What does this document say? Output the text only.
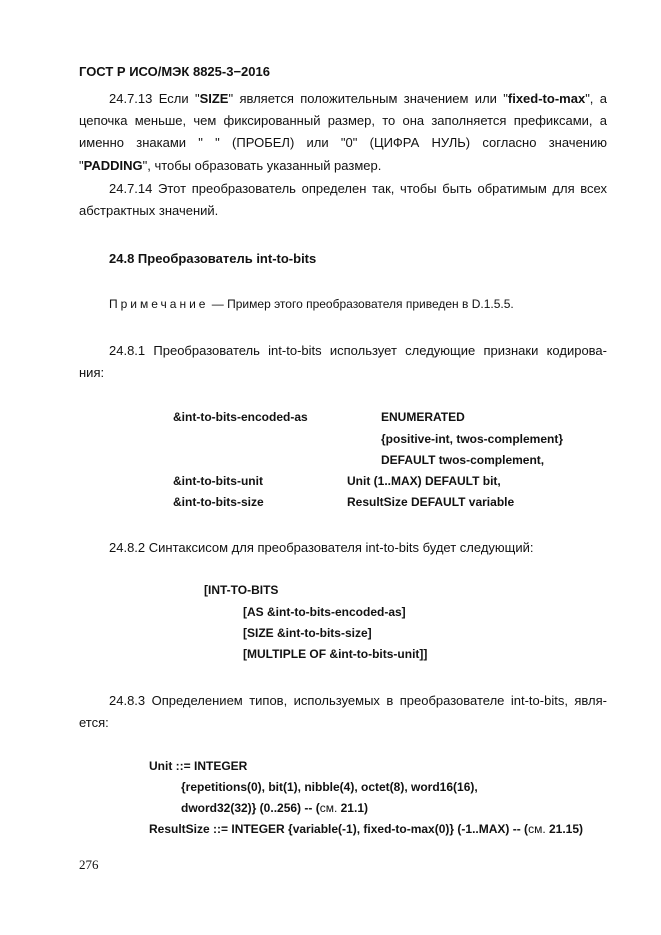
ГОСТ Р ИСО/МЭК 8825-3−2016
24.7.13 Если "SIZE" является положительным значением или "fixed-to-max", а
цепочка меньше, чем фиксированный размер, то она заполняется префиксами, а
именно знаками " " (ПРОБЕЛ) или "0" (ЦИФРА НУЛЬ) согласно значению
"PADDING", чтобы образовать указанный размер.
24.7.14 Этот преобразователь определен так, чтобы быть обратимым для всех
абстрактных значений.
24.8 Преобразователь int-to-bits
Примечание — Пример этого преобразователя приведен в D.1.5.5.
24.8.1 Преобразователь int-to-bits использует следующие признаки кодирова-
ния:
&int-to-bits-encoded-as	ENUMERATED
{positive-int, twos-complement}
DEFAULT twos-complement,
&int-to-bits-unit	Unit (1..MAX) DEFAULT bit,
&int-to-bits-size	ResultSize DEFAULT variable
24.8.2 Синтаксисом для преобразователя int-to-bits будет следующий:
[INT-TO-BITS
[AS &int-to-bits-encoded-as]
[SIZE &int-to-bits-size]
[MULTIPLE OF &int-to-bits-unit]]
24.8.3 Определением типов, используемых в преобразователе int-to-bits, явля-
ется:
Unit ::= INTEGER
{repetitions(0), bit(1), nibble(4), octet(8), word16(16),
dword32(32)} (0..256) -- (см. 21.1)
ResultSize ::= INTEGER {variable(-1), fixed-to-max(0)} (-1..MAX) -- (см. 21.15)
276
